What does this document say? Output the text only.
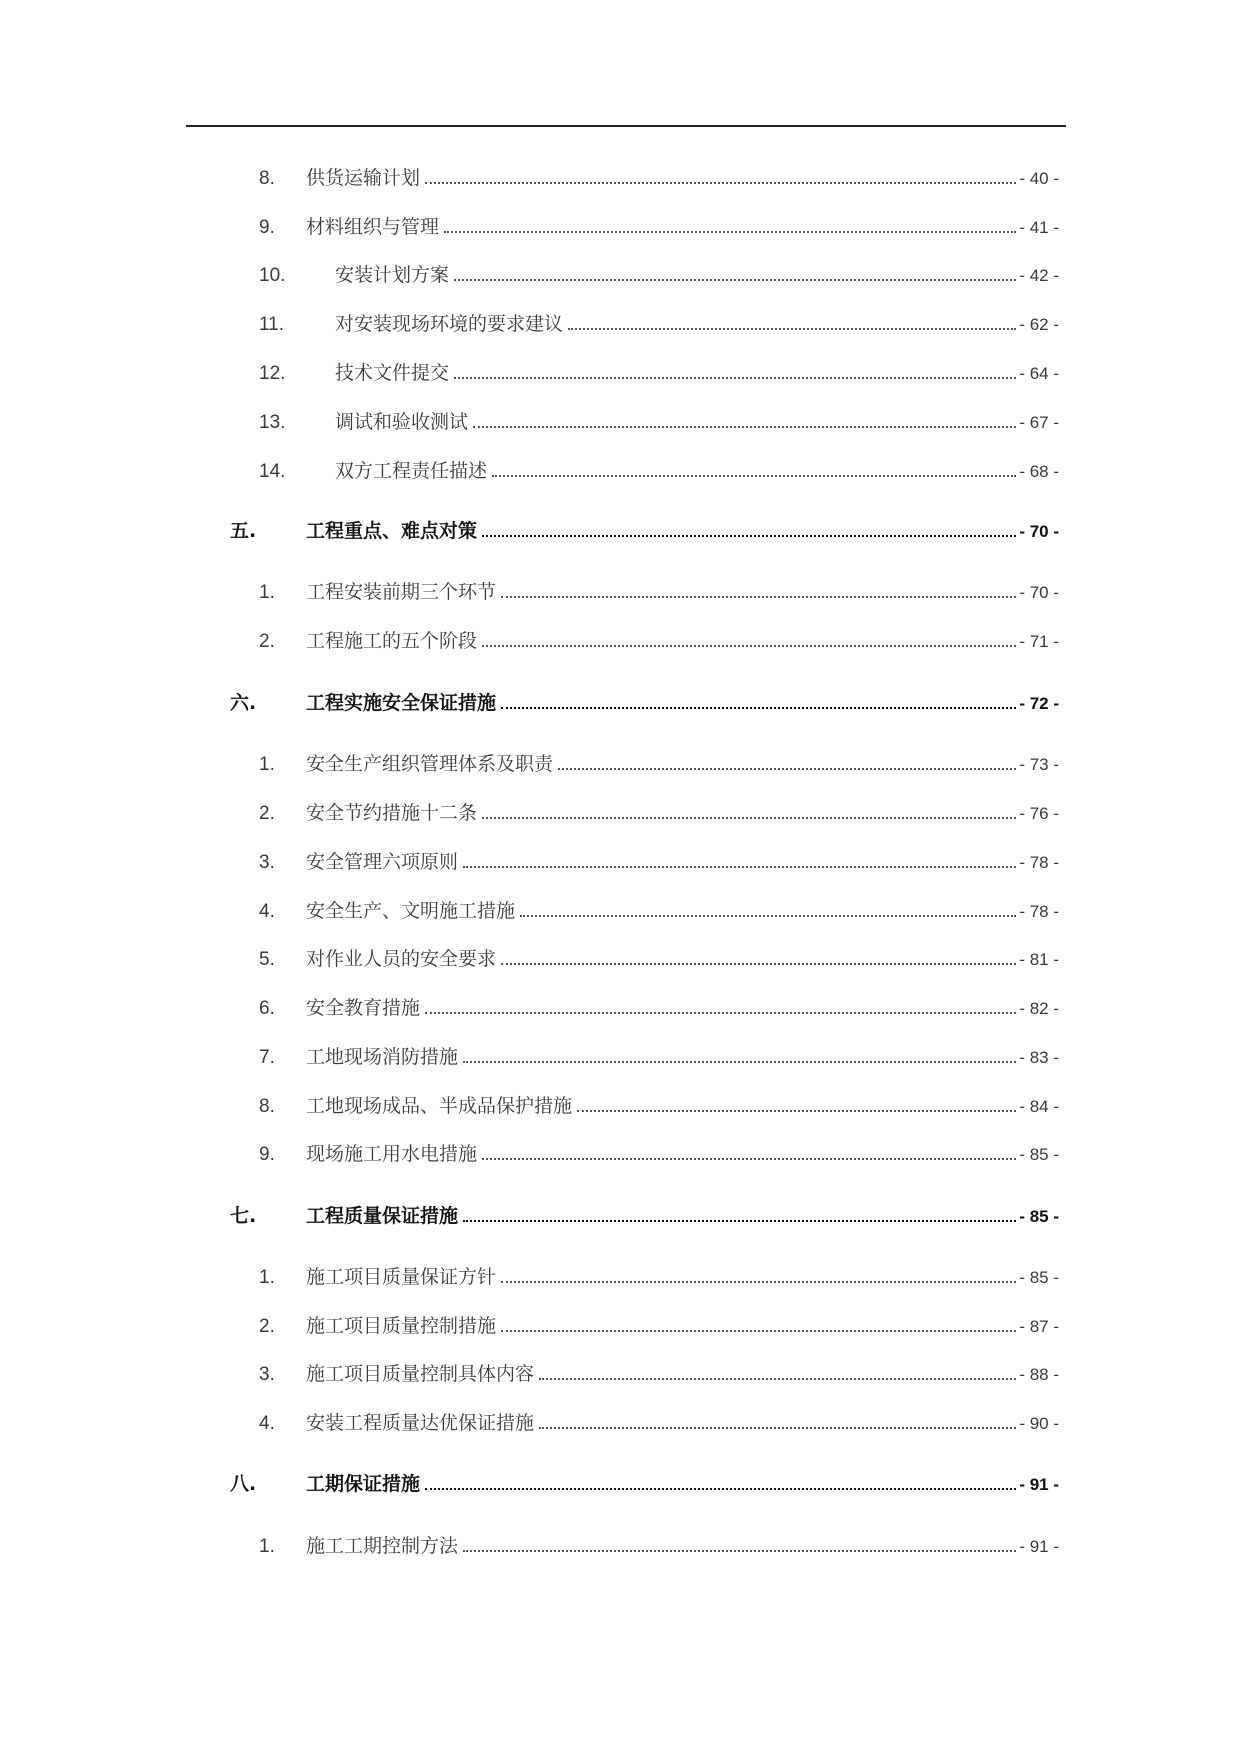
8.	供货运输计划	- 40 -
9.	材料组织与管理	- 41 -
10.	安装计划方案	- 42 -
11.	对安装现场环境的要求建议	- 62 -
12.	技术文件提交	- 64 -
13.	调试和验收测试	- 67 -
14.	双方工程责任描述	- 68 -
五.	工程重点、难点对策	- 70 -
1.	工程安装前期三个环节	- 70 -
2.	工程施工的五个阶段	- 71 -
六.	工程实施安全保证措施	- 72 -
1.	安全生产组织管理体系及职责	- 73 -
2.	安全节约措施十二条	- 76 -
3.	安全管理六项原则	- 78 -
4.	安全生产、文明施工措施	- 78 -
5.	对作业人员的安全要求	- 81 -
6.	安全教育措施	- 82 -
7.	工地现场消防措施	- 83 -
8.	工地现场成品、半成品保护措施	- 84 -
9.	现场施工用水电措施	- 85 -
七.	工程质量保证措施	- 85 -
1.	施工项目质量保证方针	- 85 -
2.	施工项目质量控制措施	- 87 -
3.	施工项目质量控制具体内容	- 88 -
4.	安装工程质量达优保证措施	- 90 -
八.	工期保证措施	- 91 -
1.	施工工期控制方法	- 91 -
